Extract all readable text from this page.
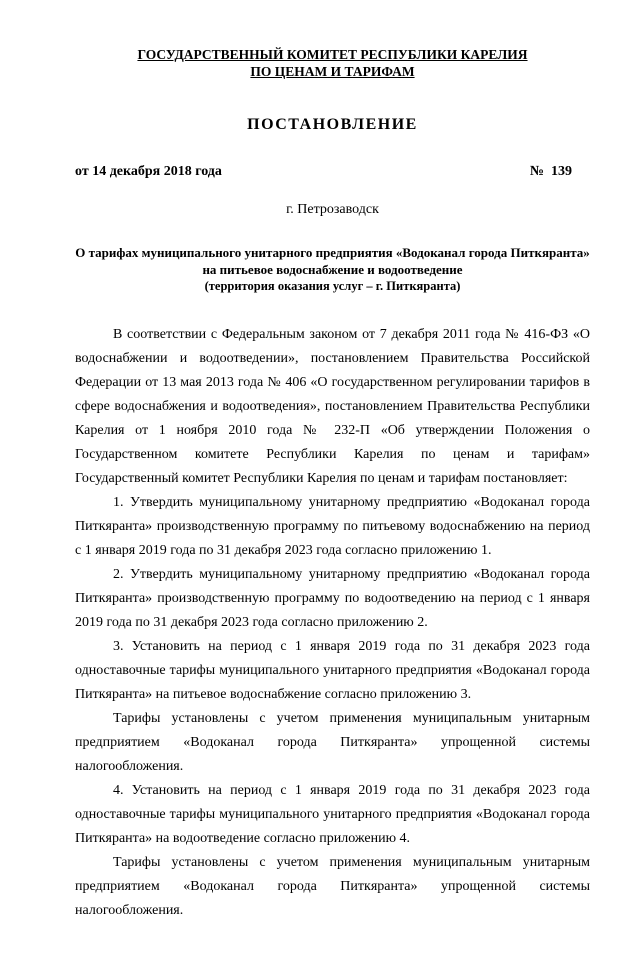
ГОСУДАРСТВЕННЫЙ КОМИТЕТ РЕСПУБЛИКИ КАРЕЛИЯ
ПО ЦЕНАМ И ТАРИФАМ
ПОСТАНОВЛЕНИЕ
от 14 декабря 2018 года	№  139
г. Петрозаводск
О тарифах муниципального унитарного предприятия «Водоканал города Питкяранта»
на питьевое водоснабжение и водоотведение
(территория оказания услуг – г. Питкяранта)

В соответствии с Федеральным законом от 7 декабря 2011 года № 416-ФЗ «О водоснабжении и водоотведении», постановлением Правительства Российской Федерации от 13 мая 2013 года № 406 «О государственном регулировании тарифов в сфере водоснабжения и водоотведения», постановлением Правительства Республики Карелия от 1 ноября 2010 года № 232-П «Об утверждении Положения о Государственном комитете Республики Карелия по ценам и тарифам» Государственный комитет Республики Карелия по ценам и тарифам постановляет:

1. Утвердить муниципальному унитарному предприятию «Водоканал города Питкяранта» производственную программу по питьевому водоснабжению на период с 1 января 2019 года по 31 декабря 2023 года согласно приложению 1.

2. Утвердить муниципальному унитарному предприятию «Водоканал города Питкяранта» производственную программу по водоотведению на период с 1 января 2019 года по 31 декабря 2023 года согласно приложению 2.

3. Установить на период с 1 января 2019 года по 31 декабря 2023 года одноставочные тарифы муниципального унитарного предприятия «Водоканал города Питкяранта» на питьевое водоснабжение согласно приложению 3.

Тарифы установлены с учетом применения муниципальным унитарным предприятием «Водоканал города Питкяранта» упрощенной системы налогообложения.

4. Установить на период с 1 января 2019 года по 31 декабря 2023 года одноставочные тарифы муниципального унитарного предприятия «Водоканал города Питкяранта» на водоотведение согласно приложению 4.

Тарифы установлены с учетом применения муниципальным унитарным предприятием «Водоканал города Питкяранта» упрощенной системы налогообложения.
